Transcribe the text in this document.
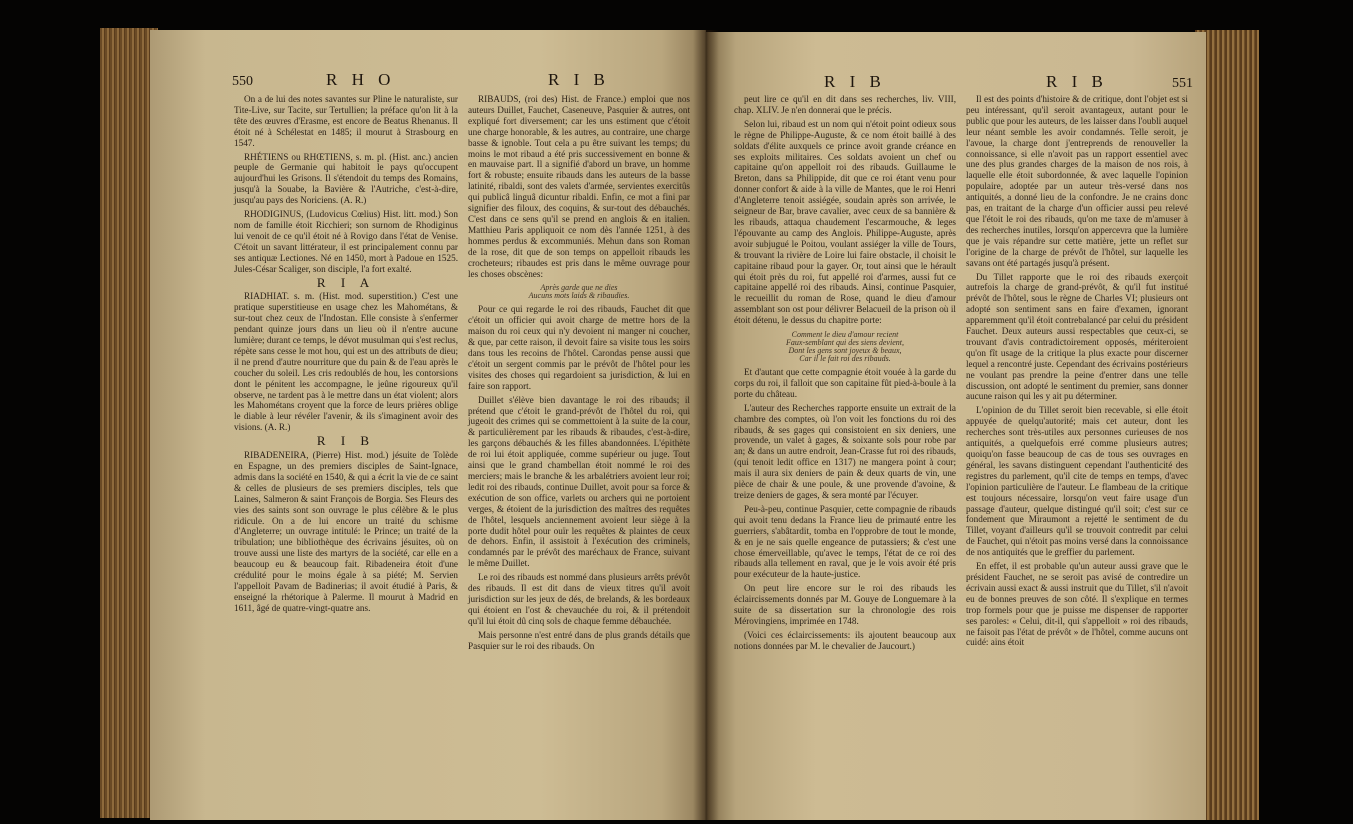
550	R H O	R I B

On a de lui des notes savantes sur Pline le naturaliste, sur Tite-Live, sur Tacite, sur Tertullien; la préface qu'on lit à la tête des œuvres d'Erasme, est encore de Beatus Rhenanus. Il étoit né à Schélestat en 1485; il mourut à Strasbourg en 1547.

RHÉTIENS ou RHŒTIENS, s. m. pl. (Hist. anc.) ancien peuple de Germanie qui habitoit le pays qu'occupent aujourd'hui les Grisons. Il s'étendoit du temps des Romains, jusqu'à la Souabe, la Bavière & l'Autriche, c'est-à-dire, jusqu'au pays des Noriciens. (A. R.)

RHODIGINUS, (Ludovicus Cœlius) Hist. litt. mod.) Son nom de famille étoit Ricchieri; son surnom de Rhodiginus lui venoit de ce qu'il étoit né à Rovigo dans l'état de Venise. C'étoit un savant littérateur, il est principalement connu par ses antiquæ Lectiones. Né en 1450, mort à Padoue en 1525. Jules-César Scaliger, son disciple, l'a fort exalté.

R I A

RIADHIAT. s. m. (Hist. mod. superstition.) C'est une pratique superstitieuse en usage chez les Mahométans, & sur-tout chez ceux de l'Indostan. Elle consiste à s'enfermer pendant quinze jours dans un lieu où il n'entre aucune lumière; durant ce temps, le dévot musulman qui s'est reclus, répète sans cesse le mot hou, qui est un des attributs de dieu; il ne prend d'autre nourriture que du pain & de l'eau après le coucher du soleil. Les cris redoublés de hou, les contorsions dont le pénitent les accompagne, le jeûne rigoureux qu'il observe, ne tardent pas à le mettre dans un état violent; alors les Mahométans croyent que la force de leurs prières oblige le diable à leur révéler l'avenir, & ils s'imaginent avoir des visions. (A. R.)

R I B

RIBADENEIRA, (Pierre) Hist. mod.) jésuite de Tolède en Espagne, un des premiers disciples de Saint-Ignace, admis dans la société en 1540, & qui a écrit la vie de ce saint & celles de plusieurs de ses premiers disciples, tels que Laines, Salmeron & saint François de Borgia. Ses Fleurs des vies des saints sont son ouvrage le plus célèbre & le plus ridicule. On a de lui encore un traité du schisme d'Angleterre; un ouvrage intitulé: le Prince; un traité de la tribulation; une bibliothèque des écrivains jésuites, où on trouve aussi une liste des martyrs de la société, car elle en a beaucoup eu & beaucoup fait. Ribadeneira étoit d'une crédulité pour le moins égale à sa piété; M. Servien l'appelloit Pavam de Badinerias; il avoit étudié à Paris, & enseigné la rhétorique à Palerme. Il mourut à Madrid en 1611, âgé de quatre-vingt-quatre ans.

RIBAUDS, (roi des) Hist. de France.) emploi que nos auteurs Duillet, Fauchet, Caseneuve, Pasquier & autres, ont expliqué fort diversement; car les uns estiment que c'étoit une charge honorable, & les autres, au contraire, une charge basse & ignoble. Tout cela a pu être suivant les temps; du moins le mot ribaud a été pris successivement en bonne & en mauvaise part. Il a signifié d'abord un brave, un homme fort & robuste; ensuite ribauds dans les auteurs de la basse latinité, ribaldi, sont des valets d'armée, servientes exercitûs qui publicâ linguâ dicuntur ribaldi. Enfin, ce mot a fini par signifier des filoux, des coquins, & sur-tout des débauchés. C'est dans ce sens qu'il se prend en anglois & en italien. Matthieu Paris appliquoit ce nom dès l'année 1251, à des hommes perdus & excommuniés. Mehun dans son Roman de la rose, dit que de son temps on appelloit ribauds les crocheteurs; ribaudes est pris dans le même ouvrage pour les choses obscènes:

Après garde que ne dies

Aucuns mots laids & ribaudies.

Pour ce qui regarde le roi des ribauds, Fauchet dit que c'étoit un officier qui avoit charge de mettre hors de la maison du roi ceux qui n'y devoient ni manger ni coucher, & que, par cette raison, il devoit faire sa visite tous les soirs dans tous les recoins de l'hôtel. Carondas pense aussi que c'étoit un sergent commis par le prévôt de l'hôtel pour les visites des choses qui regardoient sa jurisdiction, & lui en faire son rapport.

Duillet s'élève bien davantage le roi des ribauds; il prétend que c'étoit le grand-prévôt de l'hôtel du roi, qui jugeoit des crimes qui se commettoient à la suite de la cour, & particulièrement par les ribauds & ribaudes, c'est-à-dire, les garçons débauchés & les filles abandonnées. L'épithète de roi lui étoit appliquée, comme supérieur ou juge. Tout ainsi que le grand chambellan étoit nommé le roi des merciers; mais le branche & les arbalétriers avoient leur roi; ledit roi des ribauds, continue Duillet, avoit pour sa force & exécution de son office, varlets ou archers qui ne portoient verges, & étoient de la jurisdiction des maîtres des requêtes de l'hôtel, lesquels anciennement avoient leur siège à la porte dudit hôtel pour ouïr les requêtes & plaintes de ceux de dehors. Enfin, il assistoit à l'exécution des criminels, condamnés par le prévôt des maréchaux de France, suivant le même Duillet.

Le roi des ribauds est nommé dans plusieurs arrêts prévôt des ribauds. Il est dit dans de vieux titres qu'il avoit jurisdiction sur les jeux de dés, de brelands, & les bordeaux qui étoient en l'ost & chevauchée du roi, & il prétendoit qu'il lui étoit dû cinq sols de chaque femme débauchée.

Mais personne n'est entré dans de plus grands détails que Pasquier sur le roi des ribauds. On

R I B	R I B	551

peut lire ce qu'il en dit dans ses recherches, liv. VIII, chap. XLIV. Je n'en donnerai que le précis.

Selon lui, ribaud est un nom qui n'étoit point odieux sous le règne de Philippe-Auguste, & ce nom étoit baillé à des soldats d'élite auxquels ce prince avoit grande créance en ses exploits militaires. Ces soldats avoient un chef ou capitaine qu'on appelloit roi des ribauds. Guillaume le Breton, dans sa Philippide, dit que ce roi étant venu pour donner confort & aide à la ville de Mantes, que le roi Henri d'Angleterre tenoit assiégée, soudain après son arrivée, le seigneur de Bar, brave cavalier, avec ceux de sa bannière & les ribauds, attaqua chaudement l'escarmouche, & leges l'épouvante au camp des Anglois. Philippe-Auguste, après avoir subjugué le Poitou, voulant assiéger la ville de Tours, & trouvant la rivière de Loire lui faire obstacle, il choisit le capitaine ribaud pour la gayer. Or, tout ainsi que le hérault qui étoit près du roi, fut appellé roi d'armes, aussi fut ce capitaine appellé roi des ribauds. Ainsi, continue Pasquier, le recueillit du roman de Rose, quand le dieu d'amour assemblant son ost pour délivrer Belacueil de la prison où il étoit détenu, le dessus du chapitre porte:

Comment le dieu d'amour recient

Faux-semblant qui des siens devient,

Dont les gens sont joyeux & beaux,

Car il le fait roi des ribauds.

Et d'autant que cette compagnie étoit vouée à la garde du corps du roi, il falloit que son capitaine fût pied-à-boule à la porte du château.

L'auteur des Recherches rapporte ensuite un extrait de la chambre des comptes, où l'on voit les fonctions du roi des ribauds, & ses gages qui consistoient en six deniers, une provende, un valet à gages, & soixante sols pour robe par an; & dans un autre endroit, Jean-Crasse fut roi des ribauds, (qui tenoit ledit office en 1317) ne mangera point à cour; mais il aura six deniers de pain & deux quarts de vin, une pièce de chair & une poule, & une provende d'avoine, & treize deniers de gages, & sera monté par l'écuyer.

Peu-à-peu, continue Pasquier, cette compagnie de ribauds qui avoit tenu dedans la France lieu de primauté entre les guerriers, s'abâtardit, tomba en l'opprobre de tout le monde, & en je ne sais quelle engeance de putassiers; & c'est une chose émerveillable, qu'avec le temps, l'état de ce roi des ribauds alla tellement en raval, que je le vois avoir été pris pour exécuteur de la haute-justice.

On peut lire encore sur le roi des ribauds les éclaircissements donnés par M. Gouye de Longuemare à la suite de sa dissertation sur la chronologie des rois Mérovingiens, imprimée en 1748.

(Voici ces éclaircissements: ils ajoutent beaucoup aux notions données par M. le chevalier de Jaucourt.)

Il est des points d'histoire & de critique, dont l'objet est si peu intéressant, qu'il seroit avantageux, autant pour le public que pour les auteurs, de les laisser dans l'oubli auquel leur néant semble les avoir condamnés. Telle seroit, je l'avoue, la charge dont j'entreprends de renouveller la connoissance, si elle n'avoit pas un rapport essentiel avec une des plus grandes charges de la maison de nos rois, à laquelle elle étoit subordonnée, & avec laquelle l'opinion populaire, adoptée par un auteur très-versé dans nos antiquités, a donné lieu de la confondre. Je ne crains donc pas, en traitant de la charge d'un officier aussi peu relevé que l'étoit le roi des ribauds, qu'on me taxe de m'amuser à des recherches inutiles, lorsqu'on appercevra que la lumière que je vais répandre sur cette matière, jette un reflet sur l'origine de la charge de prévôt de l'hôtel, sur laquelle les savans ont été partagés jusqu'à présent.

Du Tillet rapporte que le roi des ribauds exerçoit autrefois la charge de grand-prévôt, & qu'il fut institué prévôt de l'hôtel, sous le règne de Charles VI; plusieurs ont adopté son sentiment sans en faire d'examen, ignorant apparemment qu'il étoit contrebalancé par celui du président Fauchet. Deux auteurs aussi respectables que ceux-ci, se trouvant d'avis contradictoirement opposés, mériteroient qu'on fît usage de la critique la plus exacte pour discerner lequel a rencontré juste. Cependant des écrivains postérieurs ne voulant pas prendre la peine d'entrer dans une telle discussion, ont adopté le sentiment du premier, sans donner aucune raison qui les y ait pu déterminer.

L'opinion de du Tillet seroit bien recevable, si elle étoit appuyée de quelqu'autorité; mais cet auteur, dont les recherches sont très-utiles aux personnes curieuses de nos antiquités, a quelquefois erré comme plusieurs autres; quoiqu'on fasse beaucoup de cas de tous ses ouvrages en général, les savans distinguent cependant l'authenticité des registres du parlement, qu'il cite de temps en temps, d'avec l'opinion particulière de l'auteur. Le flambeau de la critique est toujours nécessaire, lorsqu'on veut faire usage d'un passage d'auteur, quelque distingué qu'il soit; c'est sur ce fondement que Miraumont a rejetté le sentiment de du Tillet, voyant d'ailleurs qu'il se trouvoit contredit par celui de Fauchet, qui n'étoit pas moins versé dans la connoissance de nos antiquités que le greffier du parlement.

En effet, il est probable qu'un auteur aussi grave que le président Fauchet, ne se seroit pas avisé de contredire un écrivain aussi exact & aussi instruit que du Tillet, s'il n'avoit eu de bonnes preuves de son côté. Il s'explique en termes trop formels pour que je puisse me dispenser de rapporter ses paroles: « Celui, dit-il, qui s'appelloit » roi des ribauds, ne faisoit pas l'état de prévôt » de l'hôtel, comme aucuns ont cuidé: ains étoit
